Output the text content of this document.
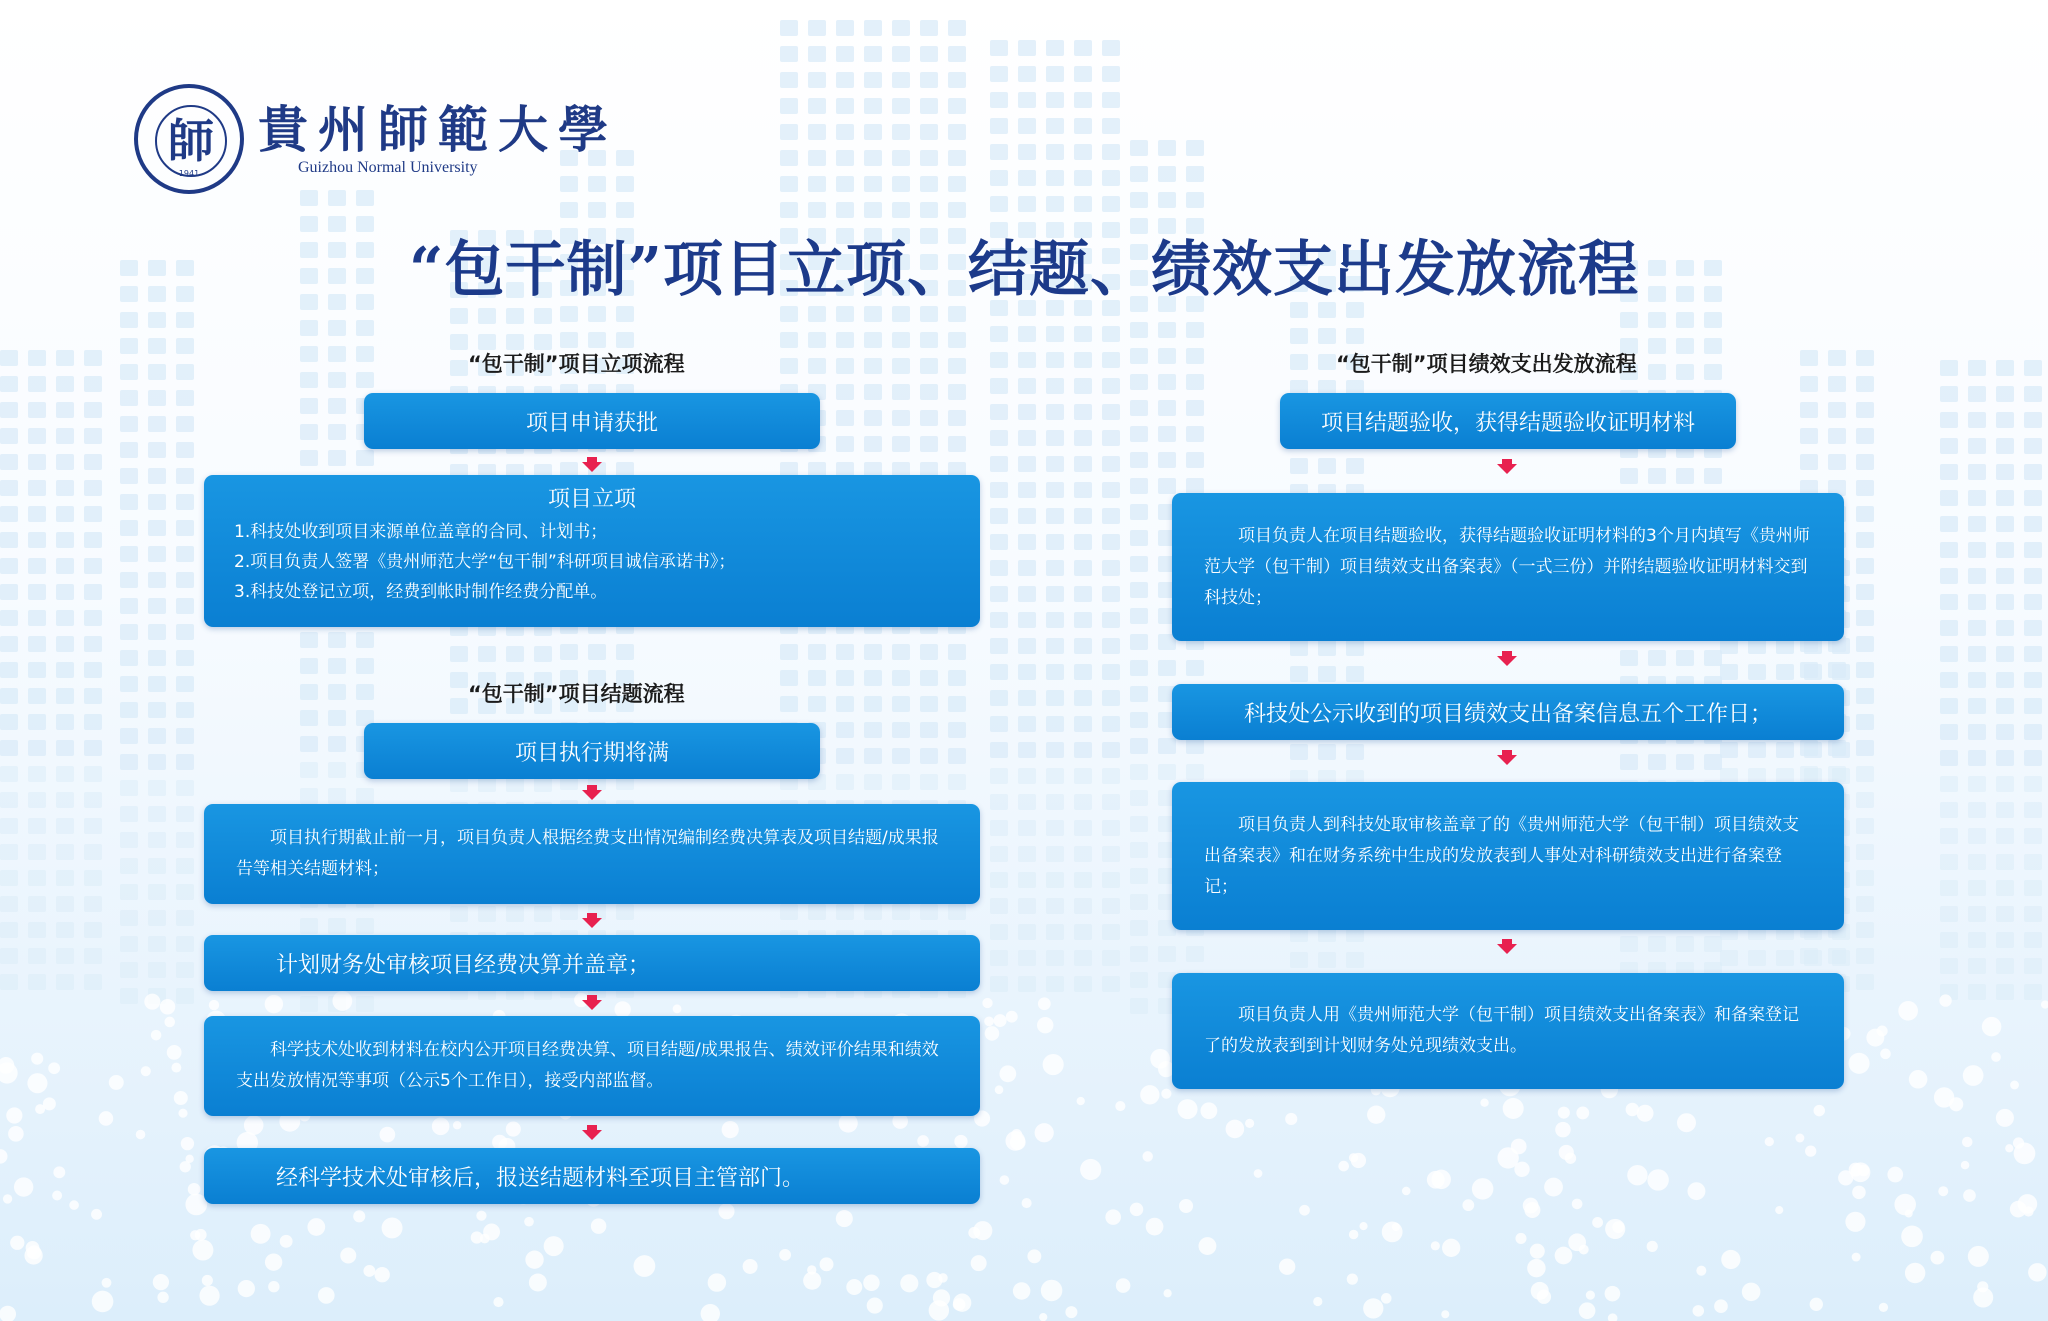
師
1941
貴州師範大學
Guizhou Normal University
“包干制”项目立项、结题、绩效支出发放流程
“包干制”项目立项流程
项目申请获批
项目立项
1.科技处收到项目来源单位盖章的合同、计划书；
2.项目负责人签署《贵州师范大学“包干制”科研项目诚信承诺书》；
3.科技处登记立项，经费到帐时制作经费分配单。
“包干制”项目结题流程
项目执行期将满

项目执行期截止前一月，项目负责人根据经费支出情况编制经费决算表及项目结题/成果报告等相关结题材料；

计划财务处审核项目经费决算并盖章；

科学技术处收到材料在校内公开项目经费决算、项目结题/成果报告、绩效评价结果和绩效支出发放情况等事项（公示5个工作日），接受内部监督。

经科学技术处审核后，报送结题材料至项目主管部门。
“包干制”项目绩效支出发放流程
项目结题验收，获得结题验收证明材料

项目负责人在项目结题验收，获得结题验收证明材料的3个月内填写《贵州师范大学（包干制）项目绩效支出备案表》（一式三份）并附结题验收证明材料交到科技处；

科技处公示收到的项目绩效支出备案信息五个工作日；

项目负责人到科技处取审核盖章了的《贵州师范大学（包干制）项目绩效支出备案表》和在财务系统中生成的发放表到人事处对科研绩效支出进行备案登记；

项目负责人用《贵州师范大学（包干制）项目绩效支出备案表》和备案登记了的发放表到到计划财务处兑现绩效支出。
